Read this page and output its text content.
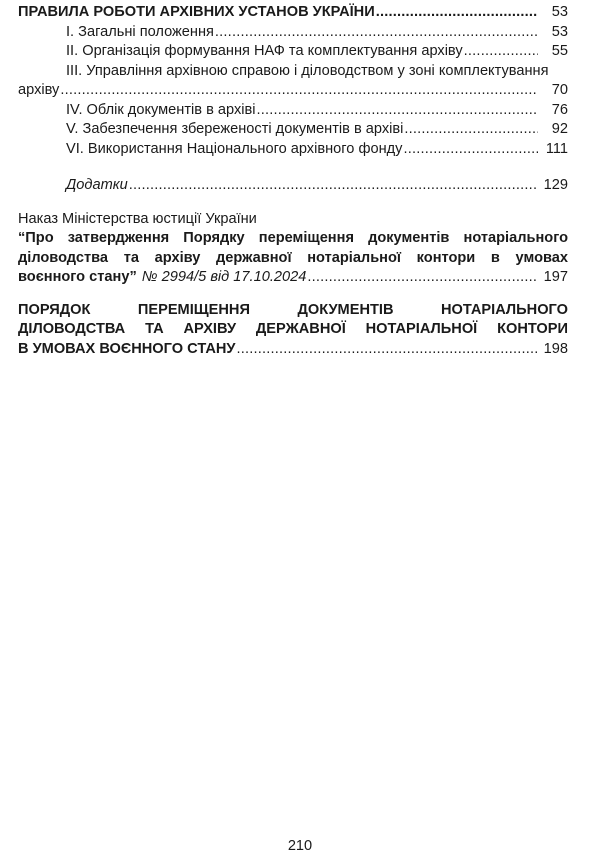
ПРАВИЛА РОБОТИ АРХІВНИХ УСТАНОВ УКРАЇНИ .....	53
I. Загальні положення .....	53
II. Організація формування НАФ та комплектування архіву .....	55
III. Управління архівною справою і діловодством у зоні комплектування
архіву .....	70
IV. Облік документів в архіві .....	76
V. Забезпечення збереженості документів в архіві .....	92
VI. Використання Національного архівного фонду .....	111
Додатки .....	129
Наказ Міністерства юстиції України
“Про затвердження Порядку переміщення документів нотаріального
діловодства та архіву державної нотаріальної контори в умовах
воєнного стану” № 2994/5 від 17.10.2024 .....	197
ПОРЯДОК ПЕРЕМІЩЕННЯ ДОКУМЕНТІВ НОТАРІАЛЬНОГО
ДІЛОВОДСТВА ТА АРХІВУ ДЕРЖАВНОЇ НОТАРІАЛЬНОЇ КОНТОРИ
В УМОВАХ ВОЄННОГО СТАНУ .....	198
210
